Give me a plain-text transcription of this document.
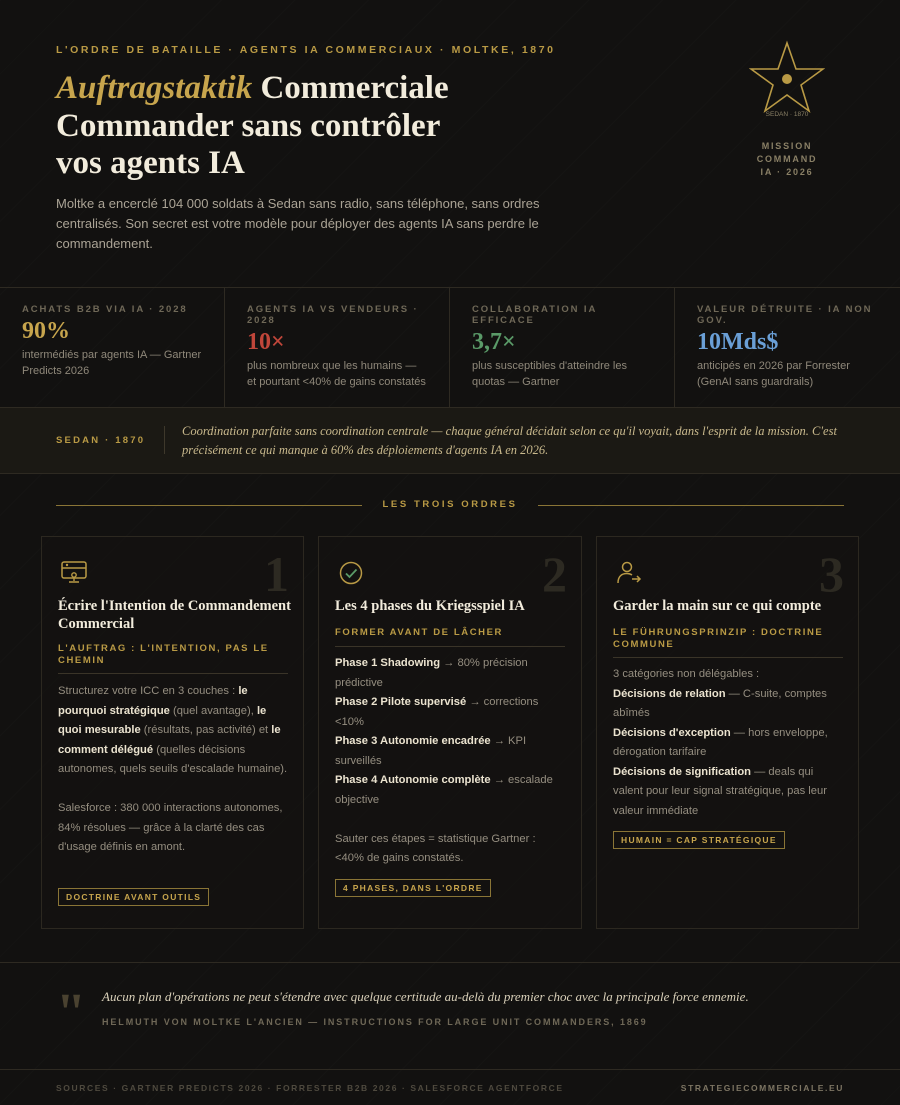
L'ORDRE DE BATAILLE · AGENTS IA COMMERCIAUX · MOLTKE, 1870
Auftragstaktik Commerciale
Commander sans contrôler
vos agents IA

Moltke a encerclé 104 000 soldats à Sedan sans radio, sans téléphone, sans ordres centralisés. Son secret est votre modèle pour déployer des agents IA sans perdre le commandement.

SEDAN · 1870
MISSION COMMAND
IA · 2026
ACHATS B2B VIA IA · 2028
90%
intermédiés par agents IA — Gartner Predicts 2026
AGENTS IA VS VENDEURS · 2028
10×
plus nombreux que les humains — et pourtant <40% de gains constatés
COLLABORATION IA EFFICACE
3,7×
plus susceptibles d'atteindre les quotas — Gartner
VALEUR DÉTRUITE · IA NON GOV.
10Mds$
anticipés en 2026 par Forrester (GenAI sans guardrails)
SEDAN · 1870
Coordination parfaite sans coordination centrale — chaque général décidait selon ce qu'il voyait, dans l'esprit de la mission. C'est précisément ce qui manque à 60% des déploiements d'agents IA en 2026.
LES TROIS ORDRES
1
Écrire l'Intention de Commandement Commercial
L'AUFTRAG : L'INTENTION, PAS LE CHEMIN

Structurez votre ICC en 3 couches : le pourquoi stratégique (quel avantage), le quoi mesurable (résultats, pas activité) et le comment délégué (quelles décisions autonomes, quels seuils d'escalade humaine).

Salesforce : 380 000 interactions autonomes, 84% résolues — grâce à la clarté des cas d'usage définis en amont.

DOCTRINE AVANT OUTILS
2
Les 4 phases du Kriegsspiel IA
FORMER AVANT DE LÂCHER

Phase 1 Shadowing → 80% précision prédictive

Phase 2 Pilote supervisé → corrections <10%

Phase 3 Autonomie encadrée → KPI surveillés

Phase 4 Autonomie complète → escalade objective

Sauter ces étapes = statistique Gartner : <40% de gains constatés.

4 PHASES, DANS L'ORDRE
3
Garder la main sur ce qui compte
LE FÜHRUNGSPRINZIP : DOCTRINE COMMUNE

3 catégories non délégables :

Décisions de relation — C-suite, comptes abîmés

Décisions d'exception — hors enveloppe, dérogation tarifaire

Décisions de signification — deals qui valent pour leur signal stratégique, pas leur valeur immédiate

HUMAIN = CAP STRATÉGIQUE
" Aucun plan d'opérations ne peut s'étendre avec quelque certitude au-delà du premier choc avec la principale force ennemie.
HELMUTH VON MOLTKE L'ANCIEN — INSTRUCTIONS FOR LARGE UNIT COMMANDERS, 1869
SOURCES · GARTNER PREDICTS 2026 · FORRESTER B2B 2026 · SALESFORCE AGENTFORCE	STRATEGIECOMMERCIALE.EU
